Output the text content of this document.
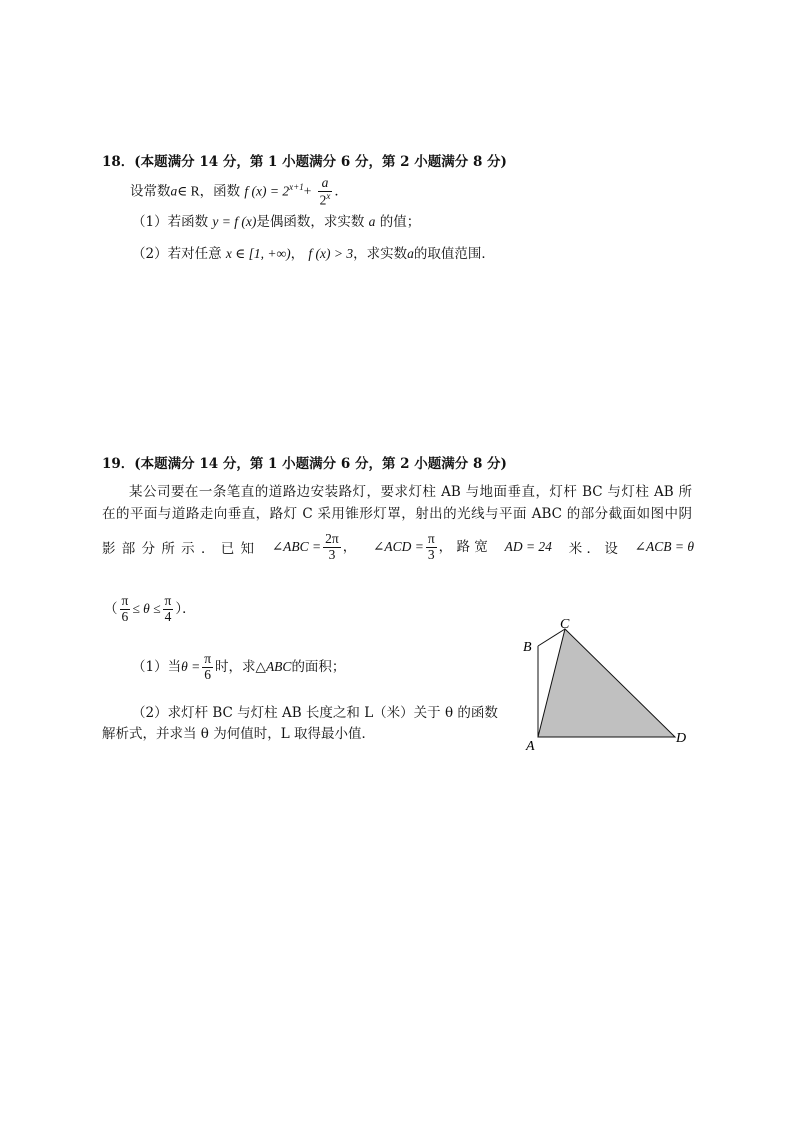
18．(本题满分 14 分，第 1 小题满分 6 分，第 2 小题满分 8 分)
设常数a∈ R，函数 f $(x) = 2^{x+1}+ \frac{a}{2^x}$ ．
（1）若函数 y = f (x)是偶函数，求实数 a 的值；
（2）若对任意 x ∈ [1, +∞)， f (x) > 3，求实数a的取值范围．
19．(本题满分 14 分，第 1 小题满分 6 分，第 2 小题满分 8 分)
某公司要在一条笔直的道路边安装路灯，要求灯柱 AB 与地面垂直，灯杆 BC 与灯柱 AB 所
在的平面与道路走向垂直，路灯 C 采用锥形灯罩，射出的光线与平面 ABC 的部分截面如图中阴
影 部 分 所 示 ． 已 知 ∠ABC = $\frac{2\pi}{3}$ ， ∠ACD = $\frac{\pi}{3}$ ， 路 宽 AD = 24 米 ． 设 ∠ACB = θ
（ $\frac{\pi}{6} \le \theta \le \frac{\pi}{4}$ ）．
（1）当$\theta = \frac{\pi}{6}$ 时，求△ABC的面积；
（2）求灯杆 BC 与灯柱 AB 长度之和 L（米）关于 θ 的函数
解析式，并求当 θ 为何值时，L 取得最小值．
A
B
C
D
